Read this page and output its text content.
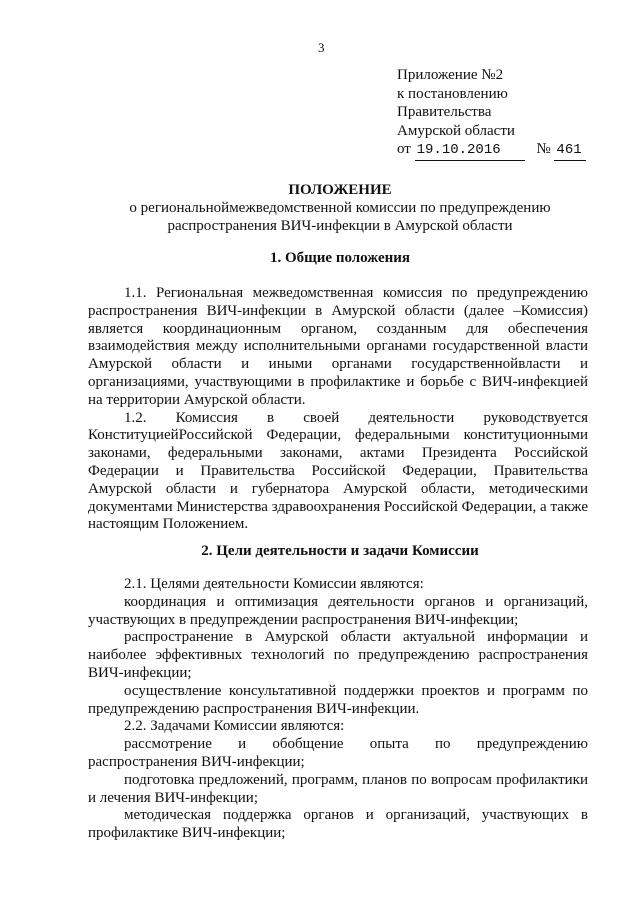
3
Приложение №2
к постановлению
Правительства
Амурской области
от 19.10.2016 № 461
ПОЛОЖЕНИЕ
о региональноймежведомственной комиссии по предупреждению
распространения ВИЧ-инфекции в Амурской области
1. Общие положения

1.1. Региональная межведомственная комиссия по предупреждению распространения ВИЧ-инфекции в Амурской области (далее –Комиссия) является координационным органом, созданным для обеспечения взаимодействия между исполнительными органами государственной власти Амурской области и иными органами государственнойвласти и организациями, участвующими в профилактике и борьбе с ВИЧ-инфекцией на территории Амурской области.

1.2. Комиссия в своей деятельности руководствуется КонституциейРоссийской Федерации, федеральными конституционными законами, федеральными законами, актами Президента Российской Федерации и Правительства Российской Федерации, Правительства Амурской области и губернатора Амурской области, методическими документами Министерства здравоохранения Российской Федерации, а также настоящим Положением.

2. Цели деятельности и задачи Комиссии

2.1. Целями деятельности Комиссии являются:

координация и оптимизация деятельности органов и организаций, участвующих в предупреждении распространения ВИЧ-инфекции;

распространение в Амурской области актуальной информации и наиболее эффективных технологий по предупреждению распространения ВИЧ-инфекции;

осуществление консультативной поддержки проектов и программ по предупреждению распространения ВИЧ-инфекции.

2.2. Задачами Комиссии являются:

рассмотрение и обобщение опыта по предупреждению распространения ВИЧ-инфекции;

подготовка предложений, программ, планов по вопросам профилактики и лечения ВИЧ-инфекции;

методическая поддержка органов и организаций, участвующих в профилактике ВИЧ-инфекции;
